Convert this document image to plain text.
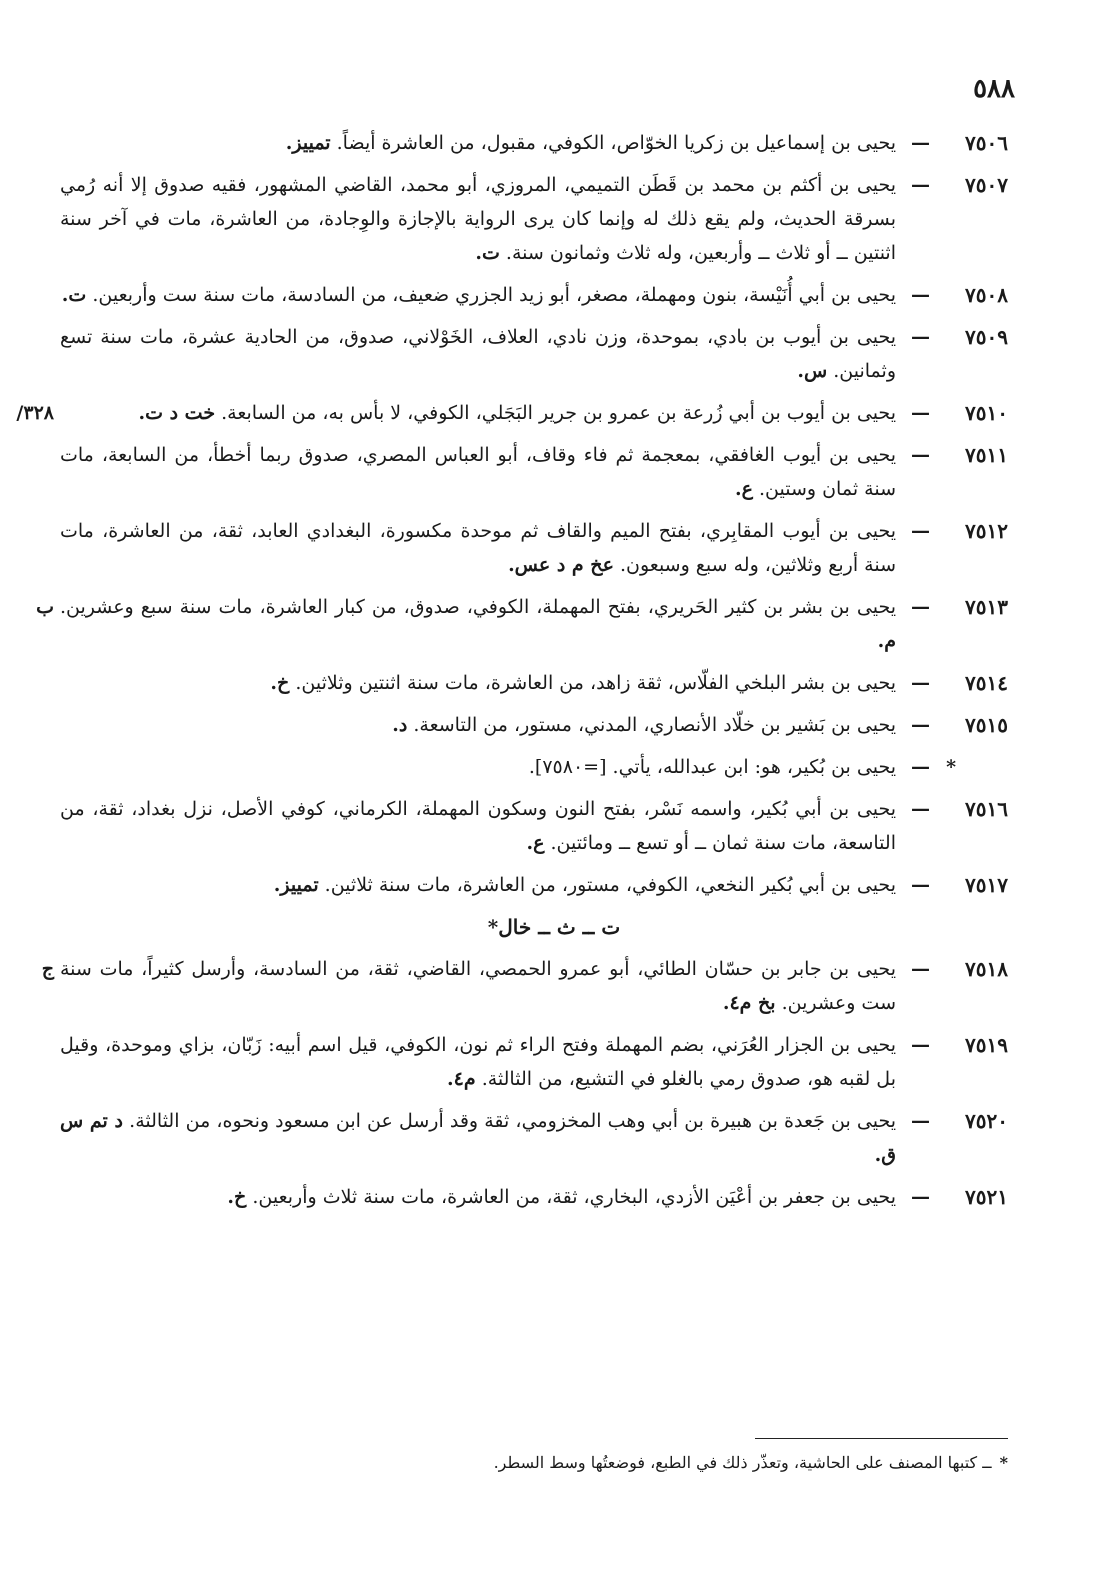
٥٨٨
٧٥٠٦
—
يحيى بن إسماعيل بن زكريا الخوّاص، الكوفي، مقبول، من العاشرة أيضاً. تمييز.
٧٥٠٧
—
يحيى بن أكثم بن محمد بن قَطَن التميمي، المروزي، أبو محمد، القاضي المشهور، فقيه صدوق إلا أنه رُمي بسرقة الحديث، ولم يقع ذلك له وإنما كان يرى الرواية بالإجازة والوِجادة، من العاشرة، مات في آخر سنة اثنتين ــ أو ثلاث ــ وأربعين، وله ثلاث وثمانون سنة. ت.
٧٥٠٨
—
يحيى بن أبي أُنَيْسة، بنون ومهملة، مصغر، أبو زيد الجزري ضعيف، من السادسة، مات سنة ست وأربعين. ت.
٧٥٠٩
—
يحيى بن أيوب بن بادي، بموحدة، وزن نادي، العلاف، الخَوْلاني، صدوق، من الحادية عشرة، مات سنة تسع وثمانين. س.
٧٥١٠
—
٣٢٨/	يحيى بن أيوب بن أبي زُرعة بن عمرو بن جرير البَجَلي، الكوفي، لا بأس به، من السابعة. خت د ت.
٧٥١١
—
يحيى بن أيوب الغافقي، بمعجمة ثم فاء وقاف، أبو العباس المصري، صدوق ربما أخطأ، من السابعة، مات سنة ثمان وستين. ع.
٧٥١٢
—
يحيى بن أيوب المقابِري، بفتح الميم والقاف ثم موحدة مكسورة، البغدادي العابد، ثقة، من العاشرة، مات سنة أربع وثلاثين، وله سبع وسبعون. عخ م د عس.
٧٥١٣
—
ب يحيى بن بشر بن كثير الحَريري، بفتح المهملة، الكوفي، صدوق، من كبار العاشرة، مات سنة سبع وعشرين. م.
٧٥١٤
—
يحيى بن بشر البلخي الفلّاس، ثقة زاهد، من العاشرة، مات سنة اثنتين وثلاثين. خ.
٧٥١٥
—
يحيى بن بَشير بن خلّاد الأنصاري، المدني، مستور، من التاسعة. د.
*
—
يحيى بن بُكير، هو: ابن عبدالله، يأتي. [=٧٥٨٠].
٧٥١٦
—
يحيى بن أبي بُكير، واسمه نَسْر، بفتح النون وسكون المهملة، الكرماني، كوفي الأصل، نزل بغداد، ثقة، من التاسعة، مات سنة ثمان ــ أو تسع ــ ومائتين. ع.
٧٥١٧
—
يحيى بن أبي بُكير النخعي، الكوفي، مستور، من العاشرة، مات سنة ثلاثين. تمييز.
ت ــ ث ــ خال*
٧٥١٨
—
ج يحيى بن جابر بن حسّان الطائي، أبو عمرو الحمصي، القاضي، ثقة، من السادسة، وأرسل كثيراً، مات سنة ست وعشرين. بخ م٤.
٧٥١٩
—
يحيى بن الجزار العُرَني، بضم المهملة وفتح الراء ثم نون، الكوفي، قيل اسم أبيه: زَبّان، بزاي وموحدة، وقيل بل لقبه هو، صدوق رمي بالغلو في التشيع، من الثالثة. م٤.
٧٥٢٠
—
يحيى بن جَعدة بن هبيرة بن أبي وهب المخزومي، ثقة وقد أرسل عن ابن مسعود ونحوه، من الثالثة. د تم س ق.
٧٥٢١
—
يحيى بن جعفر بن أعْيَن الأزدي، البخاري، ثقة، من العاشرة، مات سنة ثلاث وأربعين. خ.
*ــ كتبها المصنف على الحاشية، وتعذّر ذلك في الطبع، فوضعتُها وسط السطر.
